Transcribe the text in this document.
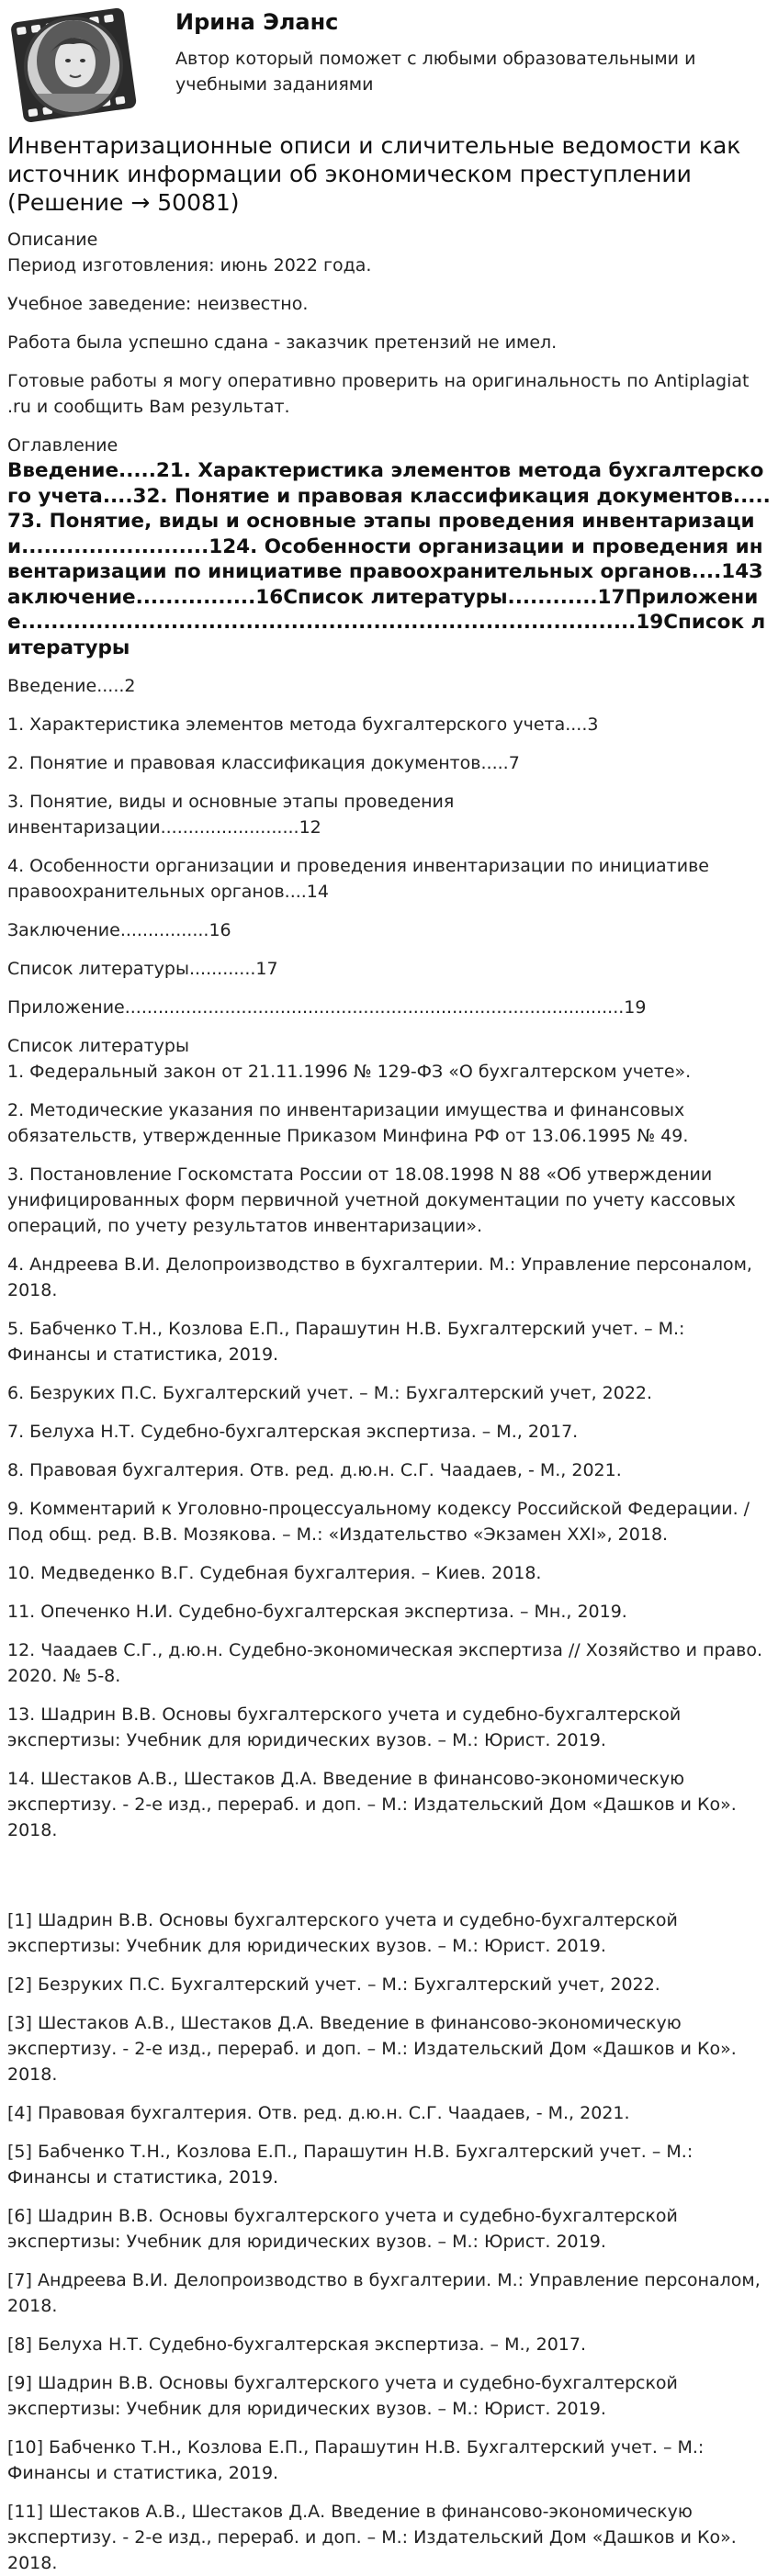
Ирина Эланс
Автор который поможет с любыми образовательными и учебными заданиями
Инвентаризационные описи и сличительные ведомости как источник информации об экономическом преступлении (Решение → 50081)
Описание

Период изготовления: июнь 2022 года.

Учебное заведение: неизвестно.

Работа была успешно сдана - заказчик претензий не имел.

Готовые работы я могу оперативно проверить на оригинальность по Antiplagiat .ru и сообщить Вам результат.

Оглавление
Введение.....21. Характеристика элементов метода бухгалтерского учета....32. Понятие и правовая классификация документов.....73. Понятие, виды и основные этапы проведения инвентаризации.........................124. Особенности организации и проведения инвентаризации по инициативе правоохранительных органов....14Заключение................16Список литературы............17Приложение..................................................................................19Список литературы

Введение.....2

1. Характеристика элементов метода бухгалтерского учета....3

2. Понятие и правовая классификация документов.....7

3. Понятие, виды и основные этапы проведения инвентаризации.........................12

4. Особенности организации и проведения инвентаризации по инициативе правоохранительных органов....14

Заключение................16

Список литературы............17

Приложение..........................................................................................19

Список литературы

1. Федеральный закон от 21.11.1996 № 129-ФЗ «О бухгалтерском учете».

2. Методические указания по инвентаризации имущества и финансовых обязательств, утвержденные Приказом Минфина РФ от 13.06.1995 № 49.

3. Постановление Госкомстата России от 18.08.1998 N 88 «Об утверждении унифицированных форм первичной учетной документации по учету кассовых операций, по учету результатов инвентаризации».

4. Андреева В.И. Делопроизводство в бухгалтерии. М.: Управление персоналом, 2018.

5. Бабченко Т.Н., Козлова Е.П., Парашутин Н.В. Бухгалтерский учет. – М.: Финансы и статистика, 2019.

6. Безруких П.С. Бухгалтерский учет. – М.: Бухгалтерский учет, 2022.

7. Белуха Н.Т. Судебно-бухгалтерская экспертиза. – М., 2017.

8. Правовая бухгалтерия. Отв. ред. д.ю.н. С.Г. Чаадаев, - М., 2021.

9. Комментарий к Уголовно-процессуальному кодексу Российской Федерации. / Под общ. ред. В.В. Мозякова. – М.: «Издательство «Экзамен XXI», 2018.

10. Медведенко В.Г. Судебная бухгалтерия. – Киев. 2018.

11. Опеченко Н.И. Судебно-бухгалтерская экспертиза. – Мн., 2019.

12. Чаадаев С.Г., д.ю.н. Судебно-экономическая экспертиза // Хозяйство и право. 2020. № 5-8.

13. Шадрин В.В. Основы бухгалтерского учета и судебно-бухгалтерской экспертизы: Учебник для юридических вузов. – М.: Юрист. 2019.

14. Шестаков А.В., Шестаков Д.А. Введение в финансово-экономическую экспертизу. - 2-е изд., перераб. и доп. – М.: Издательский Дом «Дашков и Ко». 2018.

[1] Шадрин В.В. Основы бухгалтерского учета и судебно-бухгалтерской экспертизы: Учебник для юридических вузов. – М.: Юрист. 2019.

[2] Безруких П.С. Бухгалтерский учет. – М.: Бухгалтерский учет, 2022.

[3] Шестаков А.В., Шестаков Д.А. Введение в финансово-экономическую экспертизу. - 2-е изд., перераб. и доп. – М.: Издательский Дом «Дашков и Ко». 2018.

[4] Правовая бухгалтерия. Отв. ред. д.ю.н. С.Г. Чаадаев, - М., 2021.

[5] Бабченко Т.Н., Козлова Е.П., Парашутин Н.В. Бухгалтерский учет. – М.: Финансы и статистика, 2019.

[6] Шадрин В.В. Основы бухгалтерского учета и судебно-бухгалтерской экспертизы: Учебник для юридических вузов. – М.: Юрист. 2019.

[7] Андреева В.И. Делопроизводство в бухгалтерии. М.: Управление персоналом, 2018.

[8] Белуха Н.Т. Судебно-бухгалтерская экспертиза. – М., 2017.

[9] Шадрин В.В. Основы бухгалтерского учета и судебно-бухгалтерской экспертизы: Учебник для юридических вузов. – М.: Юрист. 2019.

[10] Бабченко Т.Н., Козлова Е.П., Парашутин Н.В. Бухгалтерский учет. – М.: Финансы и статистика, 2019.

[11] Шестаков А.В., Шестаков Д.А. Введение в финансово-экономическую экспертизу. - 2-е изд., перераб. и доп. – М.: Издательский Дом «Дашков и Ко». 2018.
